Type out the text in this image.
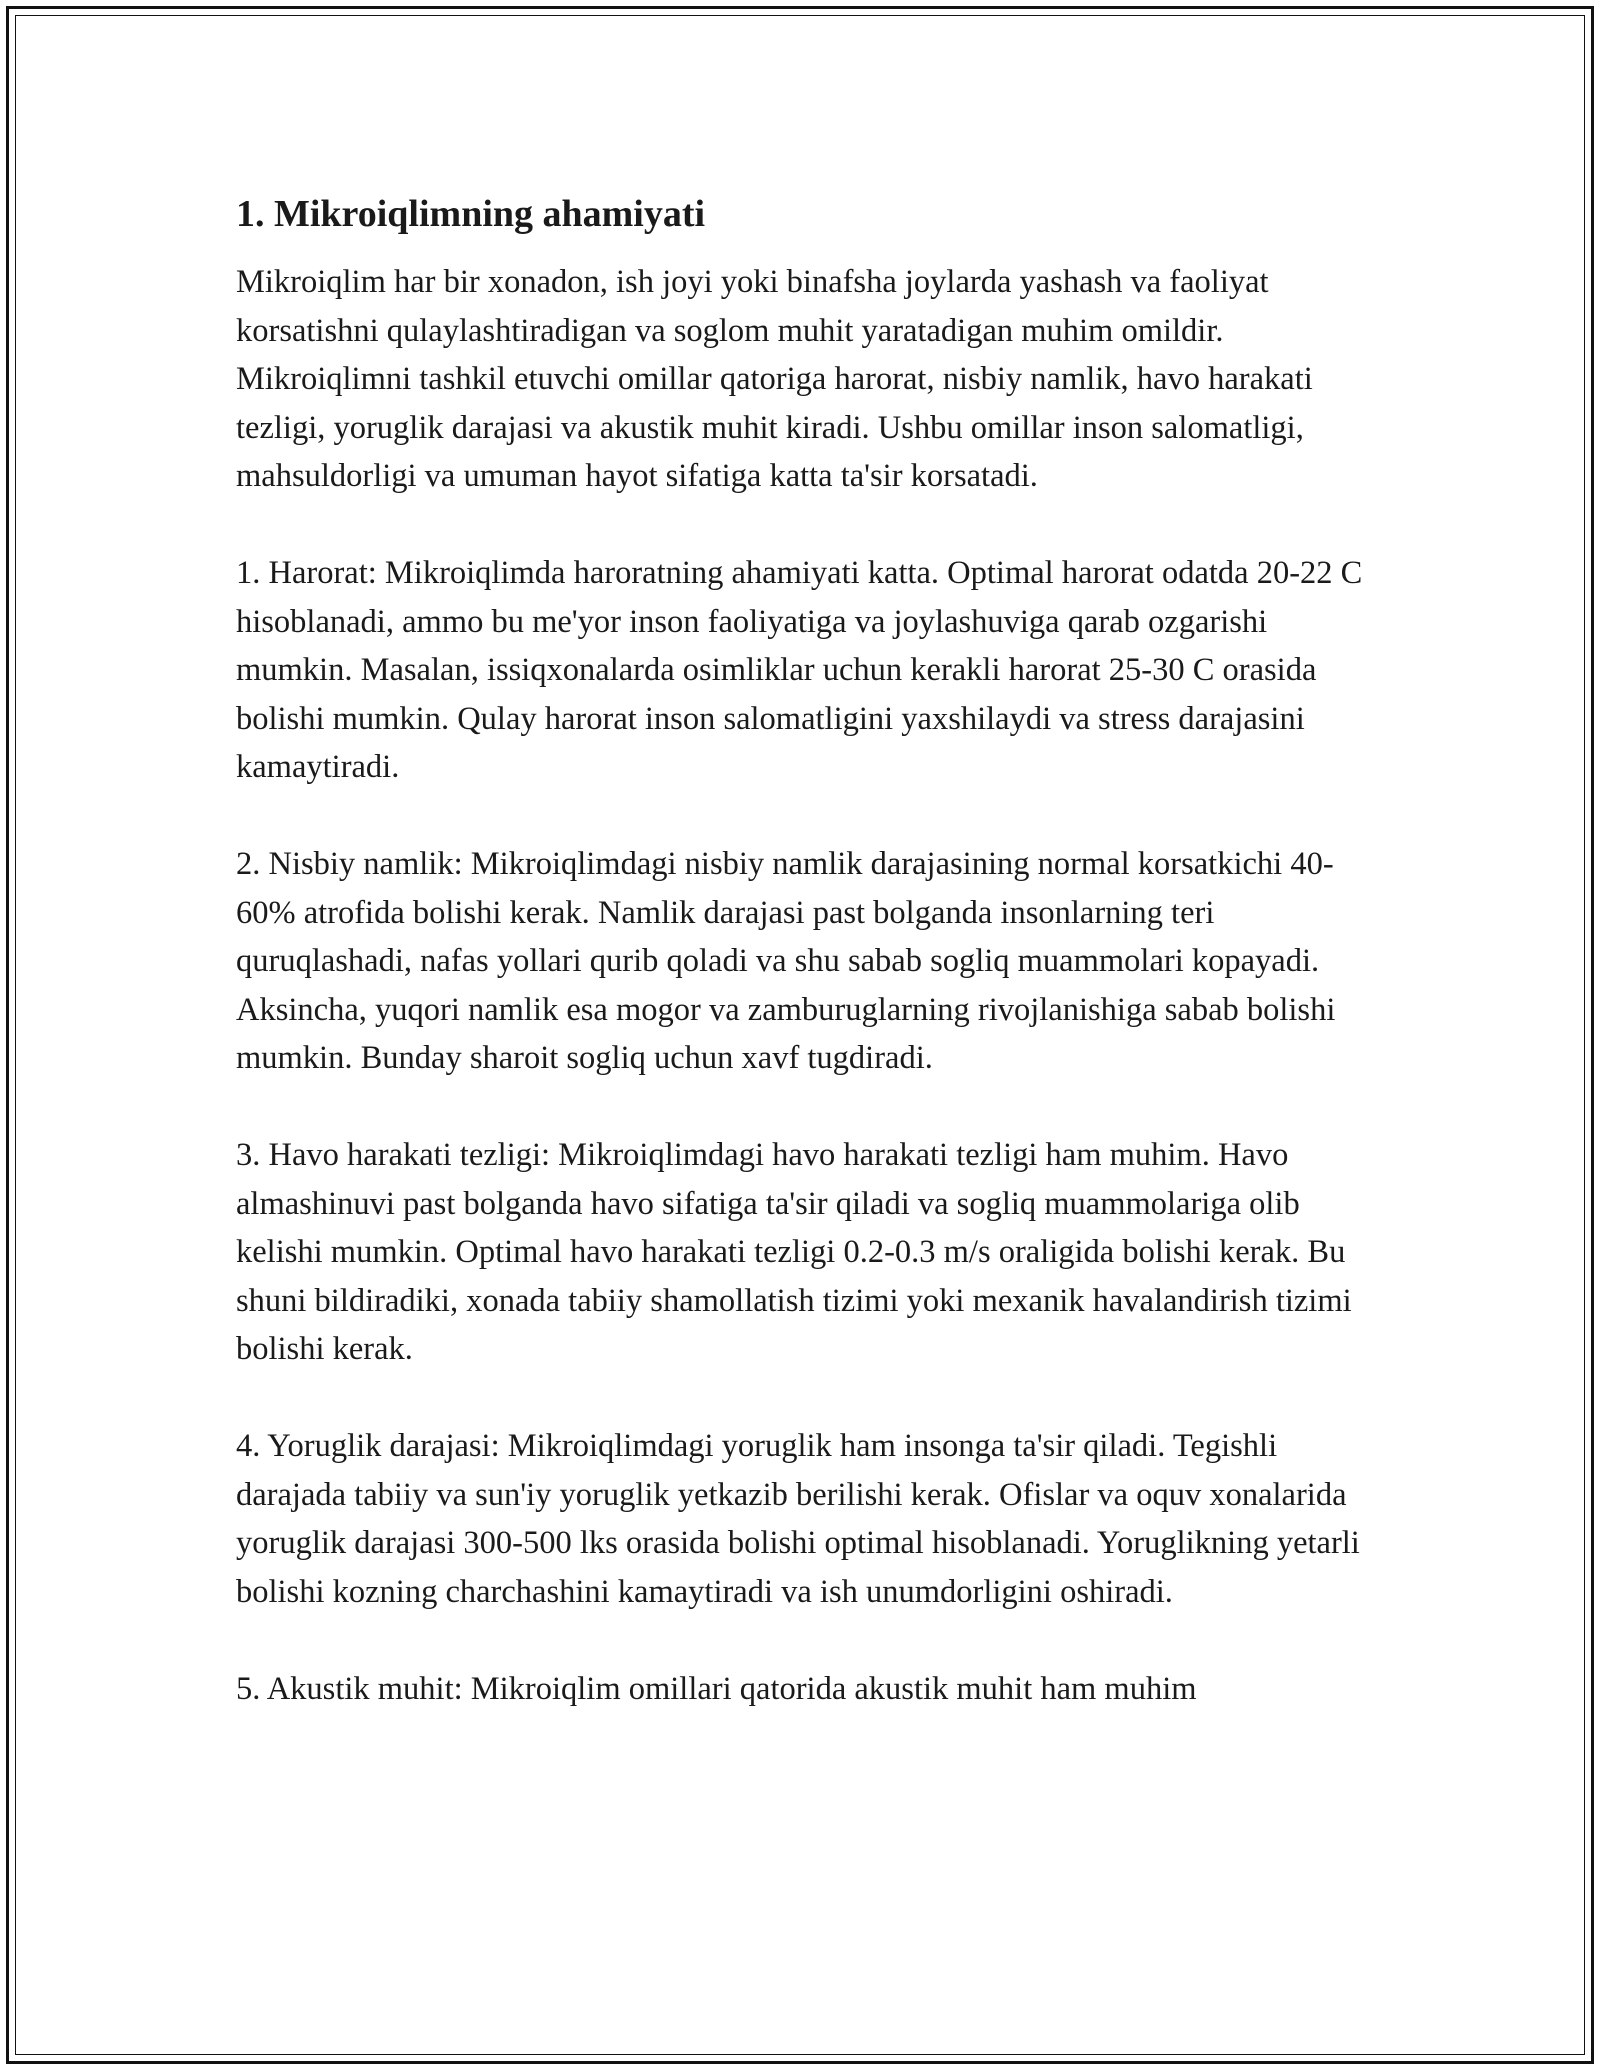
1. Mikroiqlimning ahamiyati

Mikroiqlim har bir xonadon, ish joyi yoki binafsha joylarda yashash va faoliyat korsatishni qulaylashtiradigan va soglom muhit yaratadigan muhim omildir. Mikroiqlimni tashkil etuvchi omillar qatoriga harorat, nisbiy namlik, havo harakati tezligi, yoruglik darajasi va akustik muhit kiradi. Ushbu omillar inson salomatligi, mahsuldorligi va umuman hayot sifatiga katta ta'sir korsatadi.

1. Harorat: Mikroiqlimda haroratning ahamiyati katta. Optimal harorat odatda 20-22 C hisoblanadi, ammo bu me'yor inson faoliyatiga va joylashuviga qarab ozgarishi mumkin. Masalan, issiqxonalarda osimliklar uchun kerakli harorat 25-30 C orasida bolishi mumkin. Qulay harorat inson salomatligini yaxshilaydi va stress darajasini kamaytiradi.

2. Nisbiy namlik: Mikroiqlimdagi nisbiy namlik darajasining normal korsatkichi 40-60% atrofida bolishi kerak. Namlik darajasi past bolganda insonlarning teri quruqlashadi, nafas yollari qurib qoladi va shu sabab sogliq muammolari kopayadi. Aksincha, yuqori namlik esa mogor va zamburuglarning rivojlanishiga sabab bolishi mumkin. Bunday sharoit sogliq uchun xavf tugdiradi.

3. Havo harakati tezligi: Mikroiqlimdagi havo harakati tezligi ham muhim. Havo almashinuvi past bolganda havo sifatiga ta'sir qiladi va sogliq muammolariga olib kelishi mumkin. Optimal havo harakati tezligi 0.2-0.3 m/s oraligida bolishi kerak. Bu shuni bildiradiki, xonada tabiiy shamollatish tizimi yoki mexanik havalandirish tizimi bolishi kerak.

4. Yoruglik darajasi: Mikroiqlimdagi yoruglik ham insonga ta'sir qiladi. Tegishli darajada tabiiy va sun'iy yoruglik yetkazib berilishi kerak. Ofislar va oquv xonalarida yoruglik darajasi 300-500 lks orasida bolishi optimal hisoblanadi. Yoruglikning yetarli bolishi kozning charchashini kamaytiradi va ish unumdorligini oshiradi.

5. Akustik muhit: Mikroiqlim omillari qatorida akustik muhit ham muhim
